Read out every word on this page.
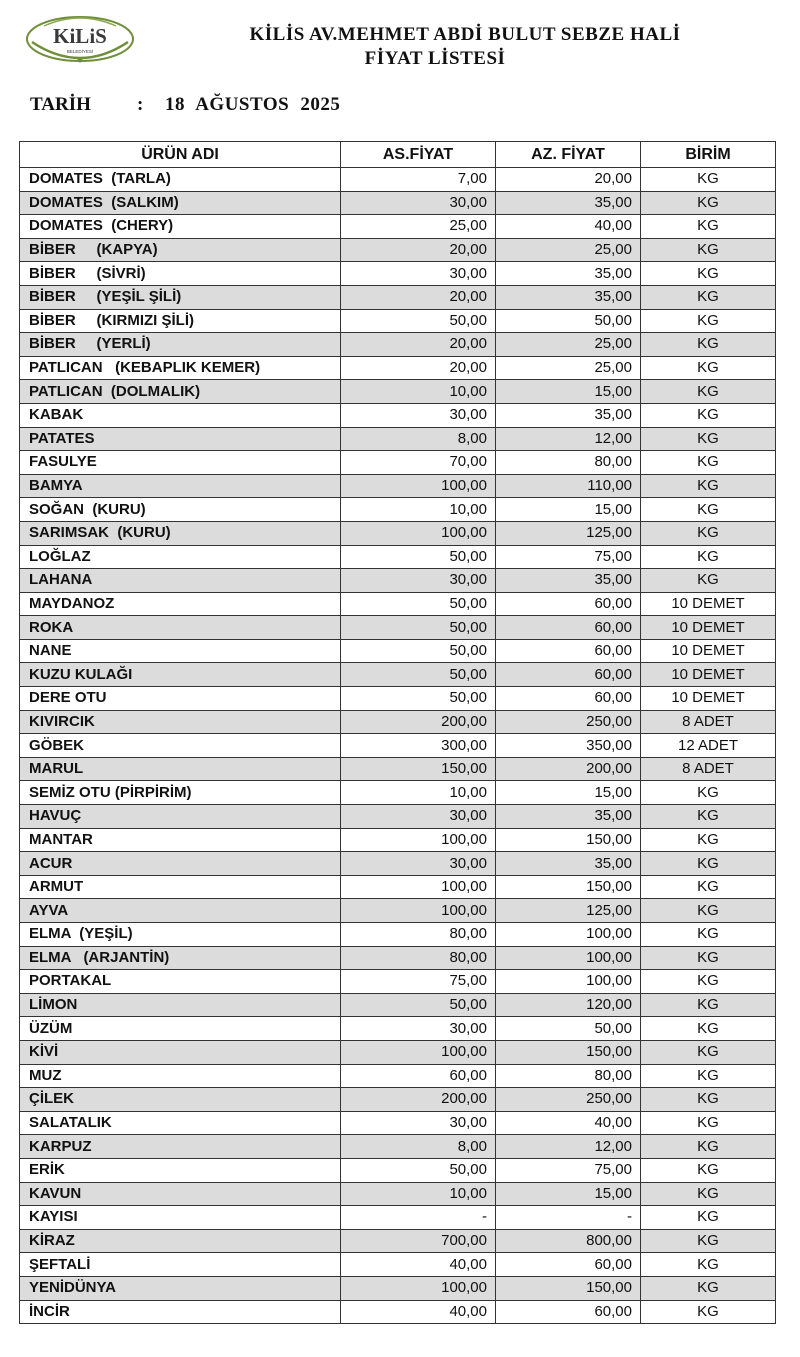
KiLiS
BELEDİYESİ
KİLİS AV.MEHMET ABDİ BULUT SEBZE HALİ
FİYAT LİSTESİ
TARİH : 18 AĞUSTOS 2025
ÜRÜN ADI	AS.FİYAT	AZ. FİYAT	BİRİM
DOMATES  (TARLA)	7,00	20,00	KG
DOMATES  (SALKIM)	30,00	35,00	KG
DOMATES  (CHERY)	25,00	40,00	KG
BİBER     (KAPYA)	20,00	25,00	KG
BİBER     (SİVRİ)	30,00	35,00	KG
BİBER     (YEŞİL ŞİLİ)	20,00	35,00	KG
BİBER     (KIRMIZI ŞİLİ)	50,00	50,00	KG
BİBER     (YERLİ)	20,00	25,00	KG
PATLICAN   (KEBAPLIK KEMER)	20,00	25,00	KG
PATLICAN  (DOLMALIK)	10,00	15,00	KG
KABAK	30,00	35,00	KG
PATATES	8,00	12,00	KG
FASULYE	70,00	80,00	KG
BAMYA	100,00	110,00	KG
SOĞAN  (KURU)	10,00	15,00	KG
SARIMSAK  (KURU)	100,00	125,00	KG
LOĞLAZ	50,00	75,00	KG
LAHANA	30,00	35,00	KG
MAYDANOZ	50,00	60,00	10 DEMET
ROKA	50,00	60,00	10 DEMET
NANE	50,00	60,00	10 DEMET
KUZU KULAĞI	50,00	60,00	10 DEMET
DERE OTU	50,00	60,00	10 DEMET
KIVIRCIK	200,00	250,00	8 ADET
GÖBEK	300,00	350,00	12 ADET
MARUL	150,00	200,00	8 ADET
SEMİZ OTU (PİRPİRİM)	10,00	15,00	KG
HAVUÇ	30,00	35,00	KG
MANTAR	100,00	150,00	KG
ACUR	30,00	35,00	KG
ARMUT	100,00	150,00	KG
AYVA	100,00	125,00	KG
ELMA  (YEŞİL)	80,00	100,00	KG
ELMA   (ARJANTİN)	80,00	100,00	KG
PORTAKAL	75,00	100,00	KG
LİMON	50,00	120,00	KG
ÜZÜM	30,00	50,00	KG
KİVİ	100,00	150,00	KG
MUZ	60,00	80,00	KG
ÇİLEK	200,00	250,00	KG
SALATALIK	30,00	40,00	KG
KARPUZ	8,00	12,00	KG
ERİK	50,00	75,00	KG
KAVUN	10,00	15,00	KG
KAYISI	-	-	KG
KİRAZ	700,00	800,00	KG
ŞEFTALİ	40,00	60,00	KG
YENİDÜNYA	100,00	150,00	KG
İNCİR	40,00	60,00	KG
